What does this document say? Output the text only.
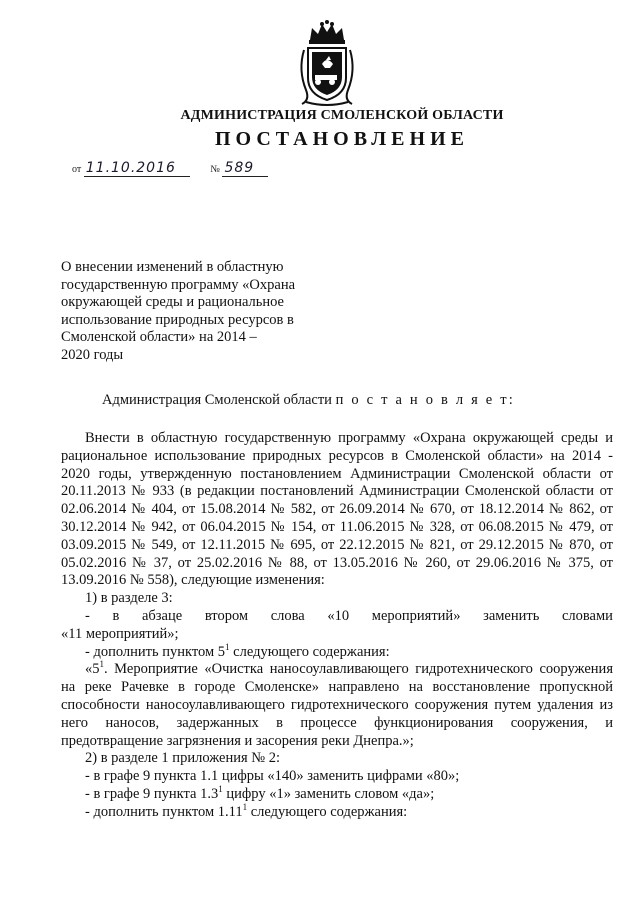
АДМИНИСТРАЦИЯ СМОЛЕНСКОЙ ОБЛАСТИ
ПОСТАНОВЛЕНИЕ
от 11.10.2016	№ 589

О внесении изменений в областную

государственную программу «Охрана

окружающей среды и рациональное

использование природных ресурсов в

Смоленской области» на 2014 –

2020 годы

Администрация Смоленской области п о с т а н о в л я е т:

Внести в областную государственную программу «Охрана окружающей среды и рациональное использование природных ресурсов в Смоленской области» на 2014 - 2020 годы, утвержденную постановлением Администрации Смоленской области от 20.11.2013 № 933 (в редакции постановлений Администрации Смоленской области от 02.06.2014 № 404, от 15.08.2014 № 582, от 26.09.2014 № 670, от 18.12.2014 № 862, от 30.12.2014 № 942, от 06.04.2015 № 154, от 11.06.2015 № 328, от 06.08.2015 № 479, от 03.09.2015 № 549, от 12.11.2015 № 695, от 22.12.2015 № 821, от 29.12.2015 № 870, от 05.02.2016 № 37, от 25.02.2016 № 88, от 13.05.2016 № 260, от 29.06.2016 № 375, от 13.09.2016 № 558), следующие изменения:

1) в разделе 3:

- в абзаце втором слова «10 мероприятий» заменить словами

«11 мероприятий»;

- дополнить пунктом $5^1$ следующего содержания:

«$5^1$. Мероприятие «Очистка наносоулавливающего гидротехнического сооружения на реке Рачевке в городе Смоленске» направлено на восстановление пропускной способности наносоулавливающего гидротехнического сооружения путем удаления из него наносов, задержанных в процессе функционирования сооружения, и предотвращение загрязнения и засорения реки Днепра.»;

2) в разделе 1 приложения № 2:

- в графе 9 пункта 1.1 цифры «140» заменить цифрами «80»;

- в графе 9 пункта $1.3^1$ цифру «1» заменить словом «да»;

- дополнить пунктом 1.11$^1$ следующего содержания:
